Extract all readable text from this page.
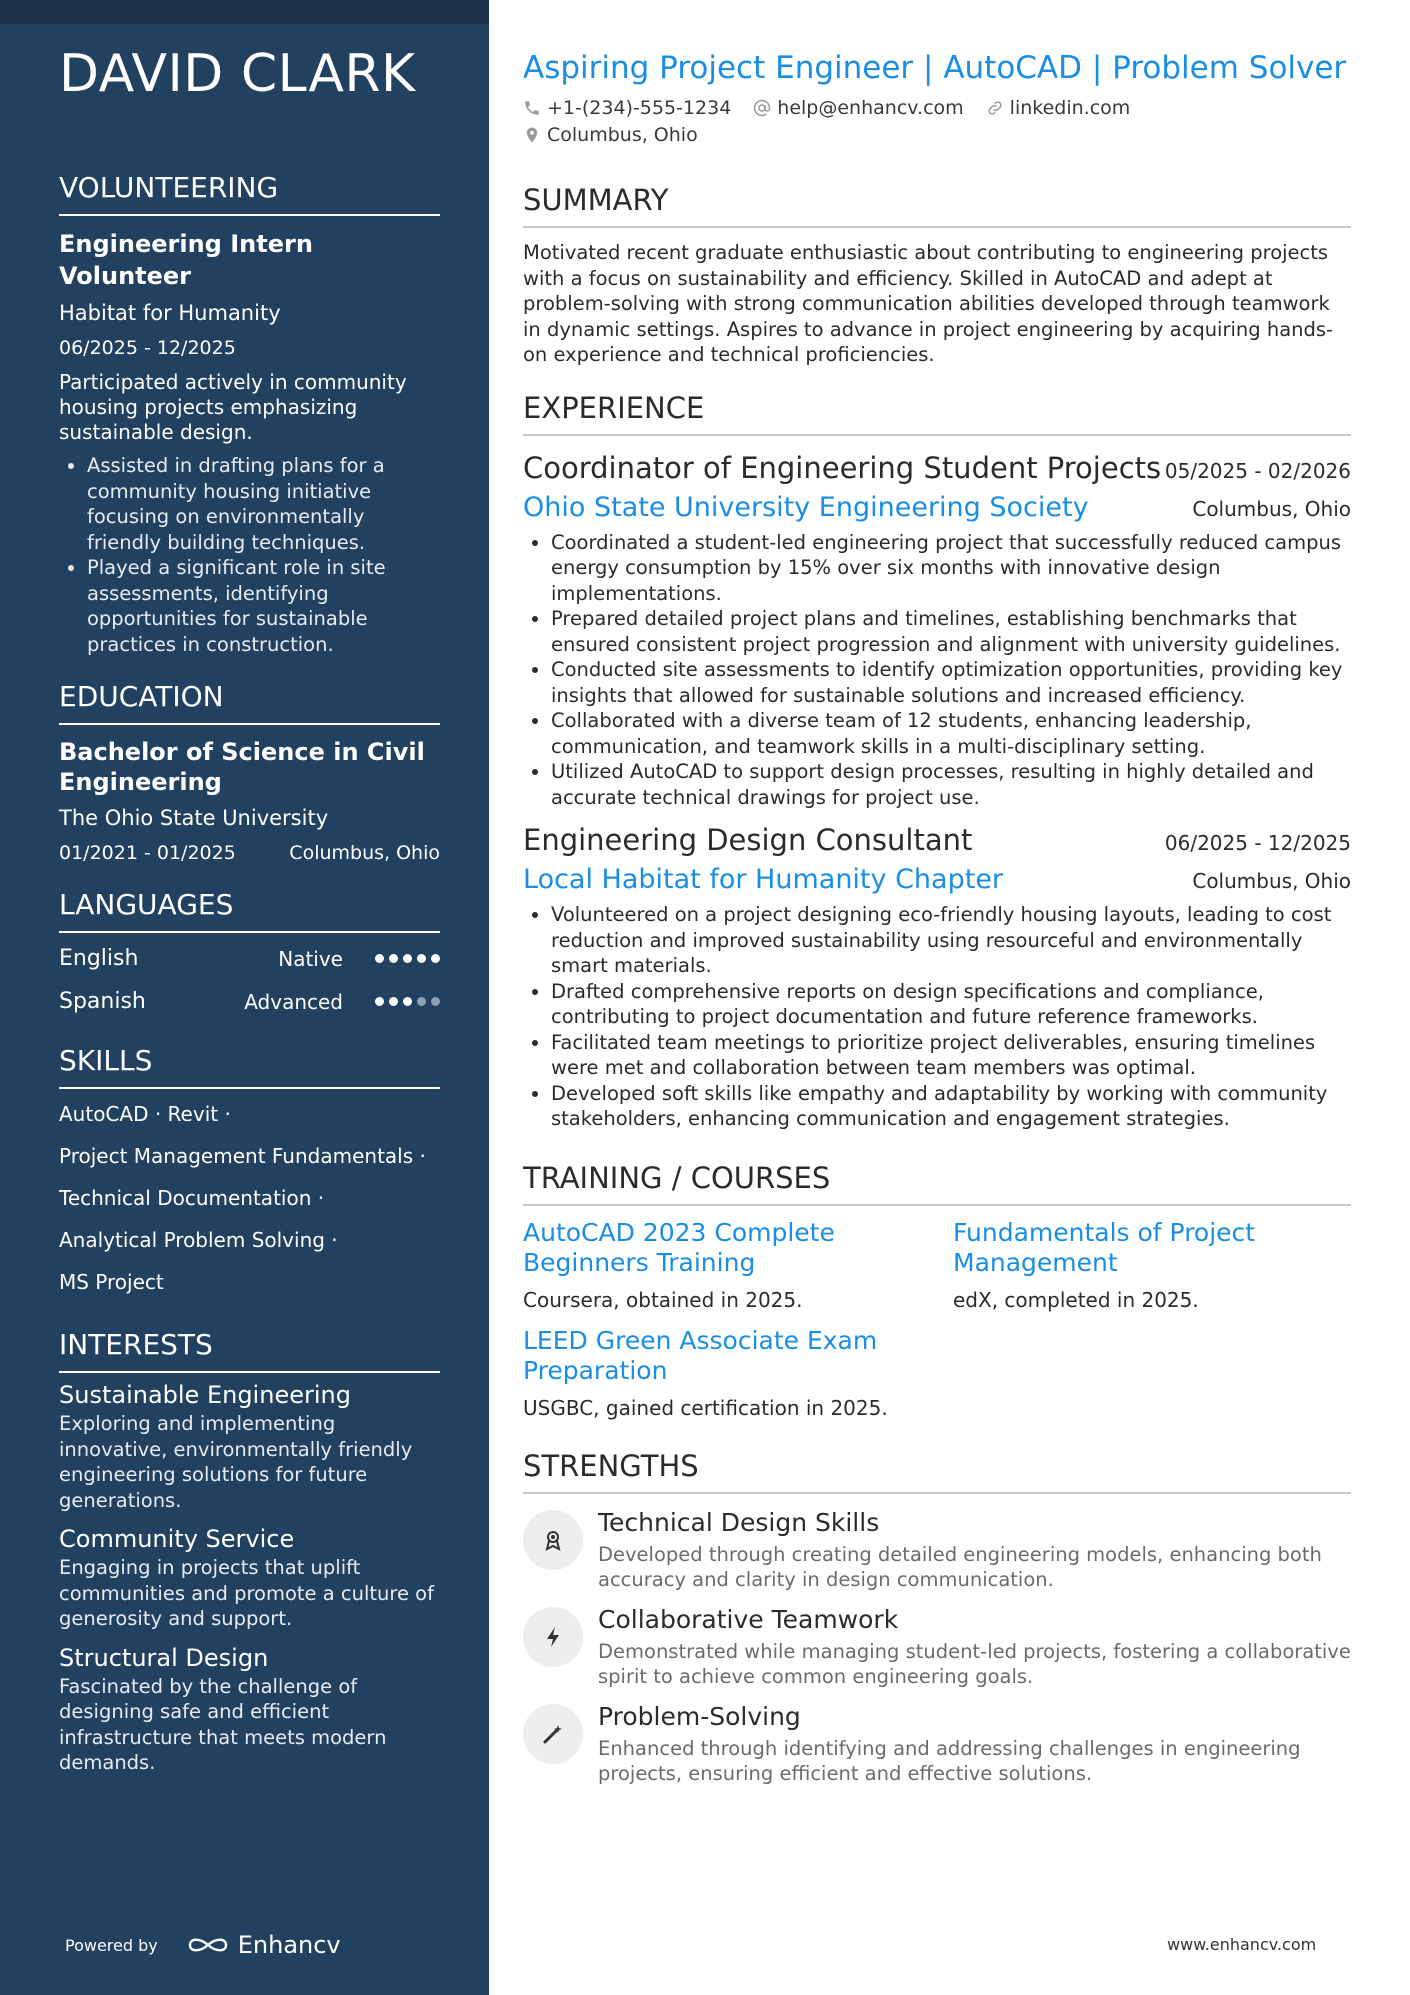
DAVID CLARK
VOLUNTEERING
Engineering Intern Volunteer
Habitat for Humanity
06/2025 - 12/2025
Participated actively in community housing projects emphasizing sustainable design.
• Assisted in drafting plans for a community housing initiative focusing on environmentally friendly building techniques.
• Played a significant role in site assessments, identifying opportunities for sustainable practices in construction.
EDUCATION
Bachelor of Science in Civil Engineering
The Ohio State University
01/2021 - 01/2025	Columbus, Ohio
LANGUAGES
English	Native
Spanish	Advanced
SKILLS
AutoCAD · Revit ·
Project Management Fundamentals ·
Technical Documentation ·
Analytical Problem Solving ·
MS Project
INTERESTS
Sustainable Engineering
Exploring and implementing innovative, environmentally friendly engineering solutions for future generations.
Community Service
Engaging in projects that uplift communities and promote a culture of generosity and support.
Structural Design
Fascinated by the challenge of designing safe and efficient infrastructure that meets modern demands.
Powered by	Enhancv
Aspiring Project Engineer | AutoCAD | Problem Solver
+1-(234)-555-1234 help@enhancv.com linkedin.com
Columbus, Ohio
SUMMARY
Motivated recent graduate enthusiastic about contributing to engineering projects with a focus on sustainability and efficiency. Skilled in AutoCAD and adept at problem-solving with strong communication abilities developed through teamwork in dynamic settings. Aspires to advance in project engineering by acquiring hands-on experience and technical proficiencies.
EXPERIENCE
Coordinator of Engineering Student Projects 05/2025 - 02/2026
Ohio State University Engineering Society	Columbus, Ohio
• Coordinated a student-led engineering project that successfully reduced campus energy consumption by 15% over six months with innovative design implementations.
• Prepared detailed project plans and timelines, establishing benchmarks that ensured consistent project progression and alignment with university guidelines.
• Conducted site assessments to identify optimization opportunities, providing key insights that allowed for sustainable solutions and increased efficiency.
• Collaborated with a diverse team of 12 students, enhancing leadership, communication, and teamwork skills in a multi-disciplinary setting.
• Utilized AutoCAD to support design processes, resulting in highly detailed and accurate technical drawings for project use.
Engineering Design Consultant	06/2025 - 12/2025
Local Habitat for Humanity Chapter	Columbus, Ohio
• Volunteered on a project designing eco-friendly housing layouts, leading to cost reduction and improved sustainability using resourceful and environmentally smart materials.
• Drafted comprehensive reports on design specifications and compliance, contributing to project documentation and future reference frameworks.
• Facilitated team meetings to prioritize project deliverables, ensuring timelines were met and collaboration between team members was optimal.
• Developed soft skills like empathy and adaptability by working with community stakeholders, enhancing communication and engagement strategies.
TRAINING / COURSES
AutoCAD 2023 Complete Beginners Training
Coursera, obtained in 2025.
Fundamentals of Project Management
edX, completed in 2025.
LEED Green Associate Exam Preparation
USGBC, gained certification in 2025.
STRENGTHS
Technical Design Skills
Developed through creating detailed engineering models, enhancing both accuracy and clarity in design communication.
Collaborative Teamwork
Demonstrated while managing student-led projects, fostering a collaborative spirit to achieve common engineering goals.
Problem-Solving
Enhanced through identifying and addressing challenges in engineering projects, ensuring efficient and effective solutions.
www.enhancv.com
